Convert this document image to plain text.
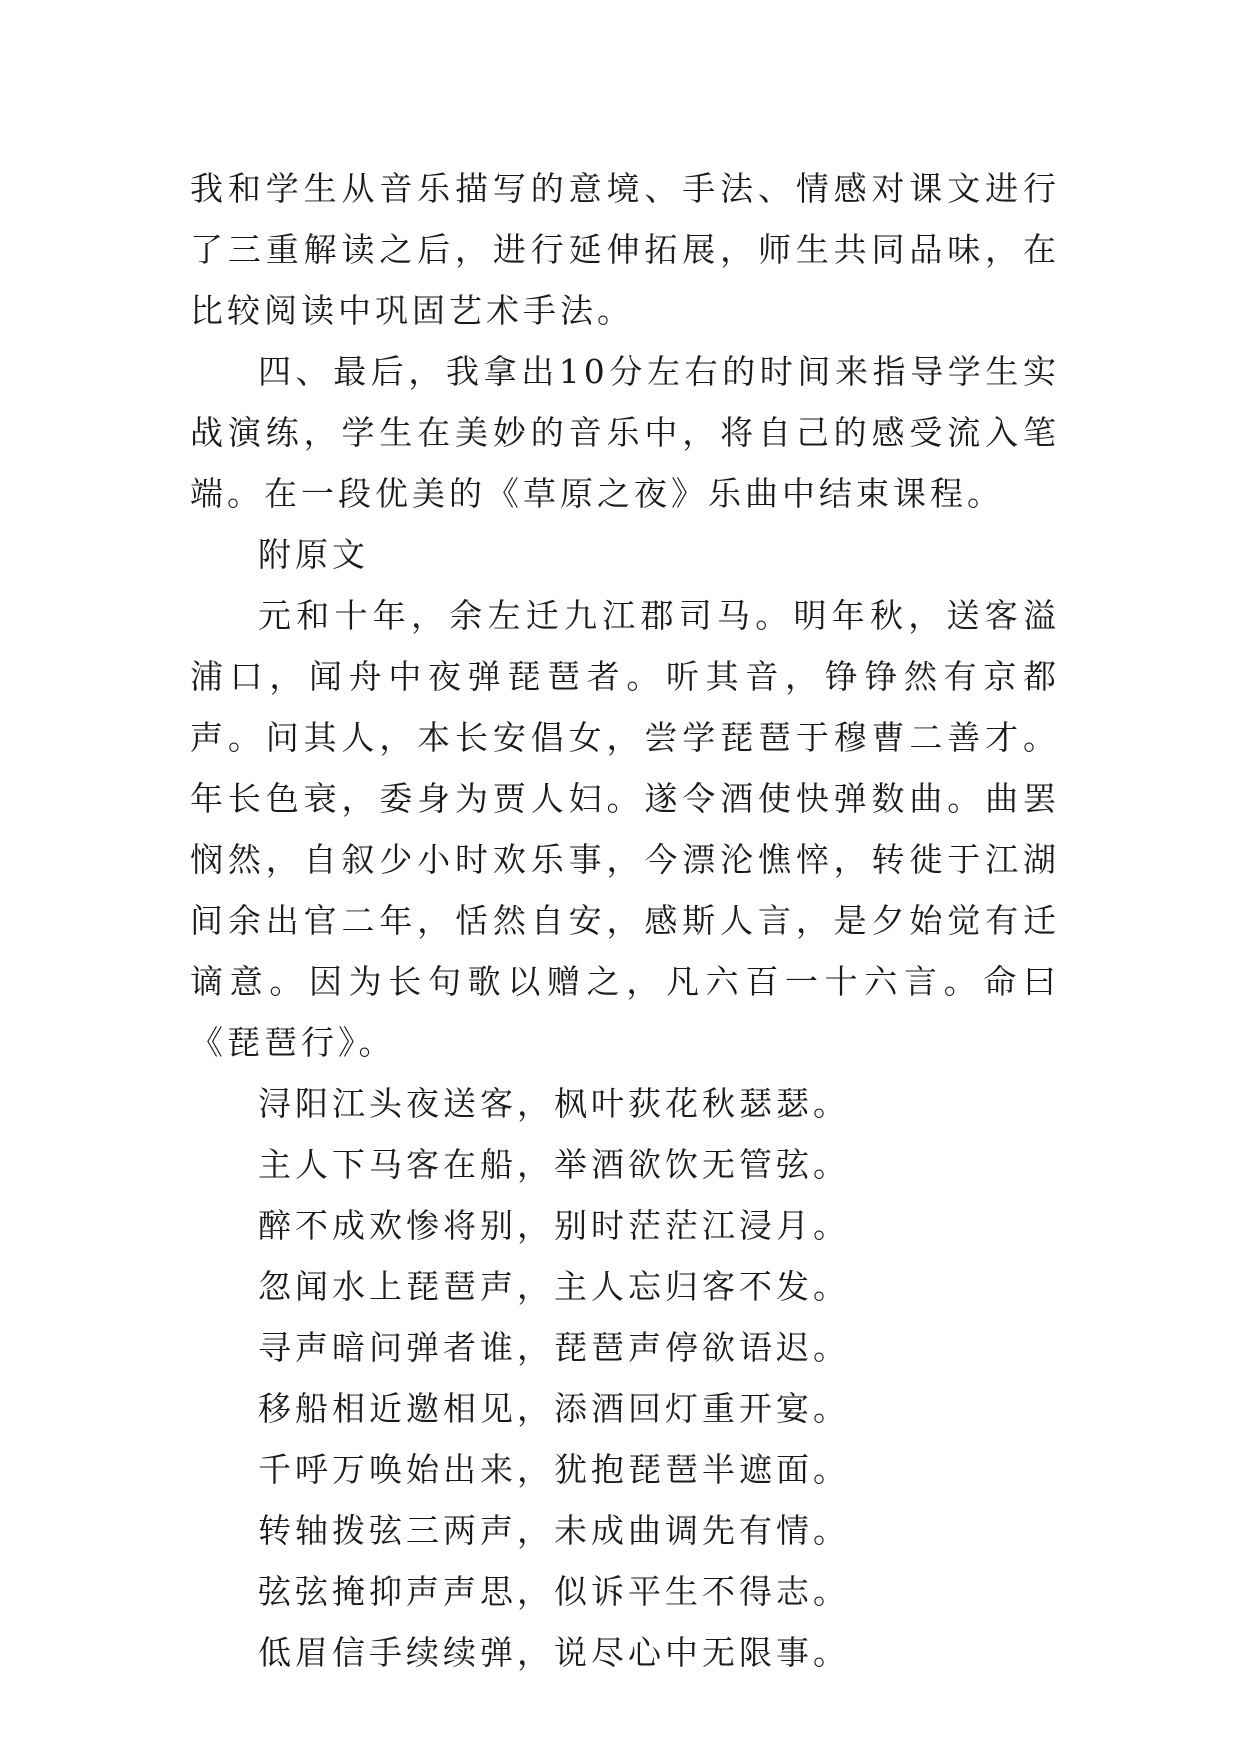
我和学生从音乐描写的意境、手法、情感对课文进行了三重解读之后，进行延伸拓展，师生共同品味，在比较阅读中巩固艺术手法。

四、最后，我拿出10分左右的时间来指导学生实战演练，学生在美妙的音乐中，将自己的感受流入笔端。在一段优美的《草原之夜》乐曲中结束课程。

附原文

元和十年，余左迁九江郡司马。明年秋，送客溢浦口，闻舟中夜弹琵琶者。听其音，铮铮然有京都声。问其人，本长安倡女，尝学琵琶于穆曹二善才。年长色衰，委身为贾人妇。遂令酒使快弹数曲。曲罢悯然，自叙少小时欢乐事，今漂沦憔悴，转徙于江湖间余出官二年，恬然自安，感斯人言，是夕始觉有迁谪意。因为长句歌以赠之，凡六百一十六言。命曰《琵琶行》。

浔阳江头夜送客，枫叶荻花秋瑟瑟。

主人下马客在船，举酒欲饮无管弦。

醉不成欢惨将别，别时茫茫江浸月。

忽闻水上琵琶声，主人忘归客不发。

寻声暗问弹者谁，琵琶声停欲语迟。

移船相近邀相见，添酒回灯重开宴。

千呼万唤始出来，犹抱琵琶半遮面。

转轴拨弦三两声，未成曲调先有情。

弦弦掩抑声声思，似诉平生不得志。

低眉信手续续弹，说尽心中无限事。
